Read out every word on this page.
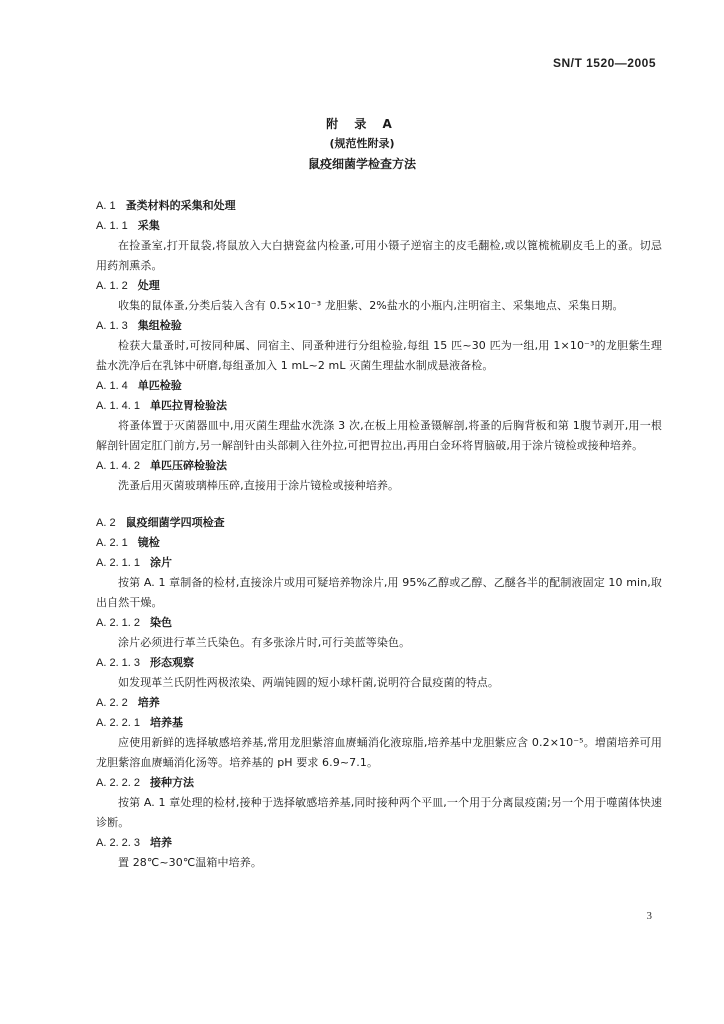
SN/T 1520—2005
附 录 A
(规范性附录)
鼠疫细菌学检查方法
A. 1 蚤类材料的采集和处理
A. 1. 1 采集
在捡蚤室,打开鼠袋,将鼠放入大白搪瓷盆内检蚤,可用小镊子逆宿主的皮毛翻检,或以篦梳梳刷皮毛上的蚤。切忌用药剂熏杀。
A. 1. 2 处理
收集的鼠体蚤,分类后装入含有 0.5×10⁻³ 龙胆紫、2%盐水的小瓶内,注明宿主、采集地点、采集日期。
A. 1. 3 集组检验
检获大量蚤时,可按同种属、同宿主、同蚤种进行分组检验,每组 15 匹~30 匹为一组,用 1×10⁻³的龙胆紫生理盐水洗净后在乳钵中研磨,每组蚤加入 1 mL~2 mL 灭菌生理盐水制成悬液备检。
A. 1. 4 单匹检验
A. 1. 4. 1 单匹拉胃检验法
将蚤体置于灭菌器皿中,用灭菌生理盐水洗涤 3 次,在板上用检蚤镊解剖,将蚤的后胸背板和第 1腹节剥开,用一根解剖针固定肛门前方,另一解剖针由头部刺入往外拉,可把胃拉出,再用白金环将胃脑破,用于涂片镜检或接种培养。
A. 1. 4. 2 单匹压碎检验法
洗蚤后用灭菌玻璃棒压碎,直接用于涂片镜检或接种培养。
A. 2 鼠疫细菌学四项检查
A. 2. 1 镜检
A. 2. 1. 1 涂片
按第 A. 1 章制备的检材,直接涂片或用可疑培养物涂片,用 95%乙醇或乙醇、乙醚各半的配制液固定 10 min,取出自然干燥。
A. 2. 1. 2 染色
涂片必须进行革兰氏染色。有多张涂片时,可行美蓝等染色。
A. 2. 1. 3 形态观察
如发现革兰氏阴性两极浓染、两端钝圆的短小球杆菌,说明符合鼠疫菌的特点。
A. 2. 2 培养
A. 2. 2. 1 培养基
应使用新鲜的选择敏感培养基,常用龙胆紫溶血赓蛹消化液琼脂,培养基中龙胆紫应含 0.2×10⁻⁵。增菌培养可用龙胆紫溶血赓蛹消化汤等。培养基的 pH 要求 6.9~7.1。
A. 2. 2. 2 接种方法
按第 A. 1 章处理的检材,接种于选择敏感培养基,同时接种两个平皿,一个用于分离鼠疫菌;另一个用于噬菌体快速诊断。
A. 2. 2. 3 培养
置 28℃~30℃温箱中培养。
3
